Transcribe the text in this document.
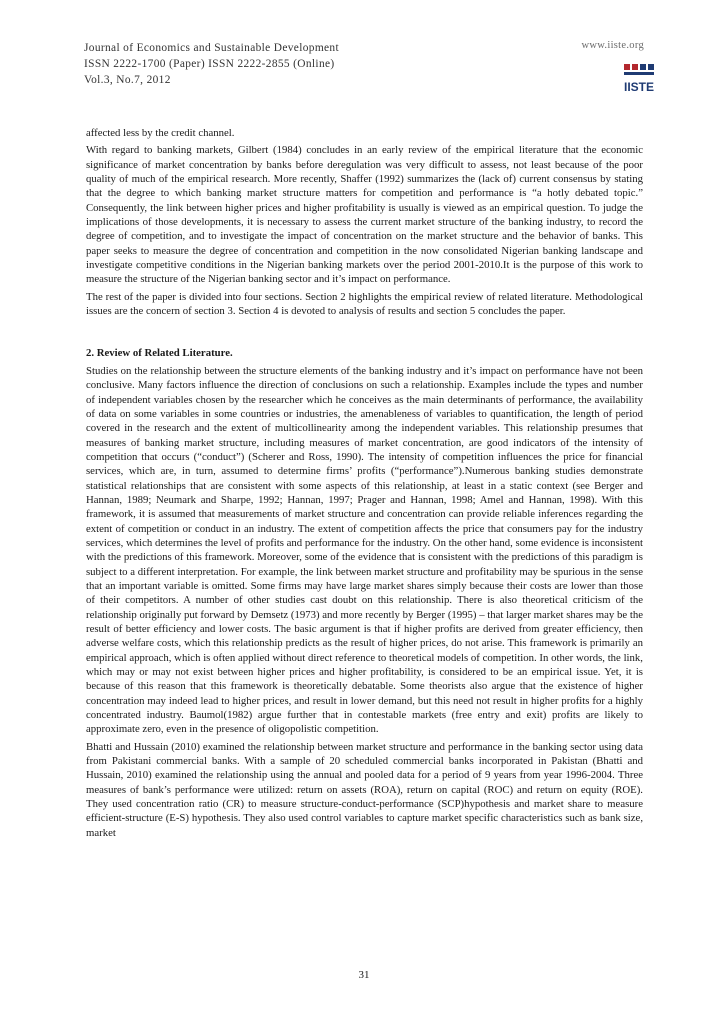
Journal of Economics and Sustainable Development
ISSN 2222-1700 (Paper) ISSN 2222-2855 (Online)
Vol.3, No.7, 2012
www.iiste.org
IISTE

affected less by the credit channel.

With regard to banking markets, Gilbert (1984) concludes in an early review of the empirical literature that the economic significance of market concentration by banks before deregulation was very difficult to assess, not least because of the poor quality of much of the empirical research. More recently, Shaffer (1992) summarizes the (lack of) current consensus by stating that the degree to which banking market structure matters for competition and performance is “a hotly debated topic.” Consequently, the link between higher prices and higher profitability is usually is viewed as an empirical question. To judge the implications of those developments, it is necessary to assess the current market structure of the banking industry, to record the degree of competition, and to investigate the impact of concentration on the market structure and the behavior of banks. This paper seeks to measure the degree of concentration and competition in the now consolidated Nigerian banking landscape and investigate competitive conditions in the Nigerian banking markets over the period 2001-2010.It is the purpose of this work to measure the structure of the Nigerian banking sector and it’s impact on performance.

The rest of the paper is divided into four sections. Section 2 highlights the empirical review of related literature. Methodological issues are the concern of section 3. Section 4 is devoted to analysis of results and section 5 concludes the paper.

2. Review of Related Literature.

Studies on the relationship between the structure elements of the banking industry and it’s impact on performance have not been conclusive. Many factors influence the direction of conclusions on such a relationship. Examples include the types and number of independent variables chosen by the researcher which he conceives as the main determinants of performance, the availability of data on some variables in some countries or industries, the amenableness of variables to quantification, the length of period covered in the research and the extent of multicollinearity among the independent variables. This relationship presumes that measures of banking market structure, including measures of market concentration, are good indicators of the intensity of competition that occurs (“conduct”) (Scherer and Ross, 1990). The intensity of competition influences the price for financial services, which are, in turn, assumed to determine firms’ profits (“performance”).Numerous banking studies demonstrate statistical relationships that are consistent with some aspects of this relationship, at least in a static context (see Berger and Hannan, 1989; Neumark and Sharpe, 1992; Hannan, 1997; Prager and Hannan, 1998; Amel and Hannan, 1998). With this framework, it is assumed that measurements of market structure and concentration can provide reliable inferences regarding the extent of competition or conduct in an industry. The extent of competition affects the price that consumers pay for the industry services, which determines the level of profits and performance for the industry. On the other hand, some evidence is inconsistent with the predictions of this framework. Moreover, some of the evidence that is consistent with the predictions of this paradigm is subject to a different interpretation. For example, the link between market structure and profitability may be spurious in the sense that an important variable is omitted. Some firms may have large market shares simply because their costs are lower than those of their competitors. A number of other studies cast doubt on this relationship. There is also theoretical criticism of the relationship originally put forward by Demsetz (1973) and more recently by Berger (1995) – that larger market shares may be the result of better efficiency and lower costs. The basic argument is that if higher profits are derived from greater efficiency, then adverse welfare costs, which this relationship predicts as the result of higher prices, do not arise. This framework is primarily an empirical approach, which is often applied without direct reference to theoretical models of competition. In other words, the link, which may or may not exist between higher prices and higher profitability, is considered to be an empirical issue. Yet, it is because of this reason that this framework is theoretically debatable. Some theorists also argue that the existence of higher concentration may indeed lead to higher prices, and result in lower demand, but this need not result in higher profits for a highly concentrated industry. Baumol(1982) argue further that in contestable markets (free entry and exit) profits are likely to approximate zero, even in the presence of oligopolistic competition.

Bhatti and Hussain (2010) examined the relationship between market structure and performance in the banking sector using data from Pakistani commercial banks. With a sample of 20 scheduled commercial banks incorporated in Pakistan (Bhatti and Hussain, 2010) examined the relationship using the annual and pooled data for a period of 9 years from year 1996-2004. Three measures of bank’s performance were utilized: return on assets (ROA), return on capital (ROC) and return on equity (ROE). They used concentration ratio (CR) to measure structure-conduct-performance (SCP)hypothesis and market share to measure efficient-structure (E-S) hypothesis. They also used control variables to capture market specific characteristics such as bank size, market

31
